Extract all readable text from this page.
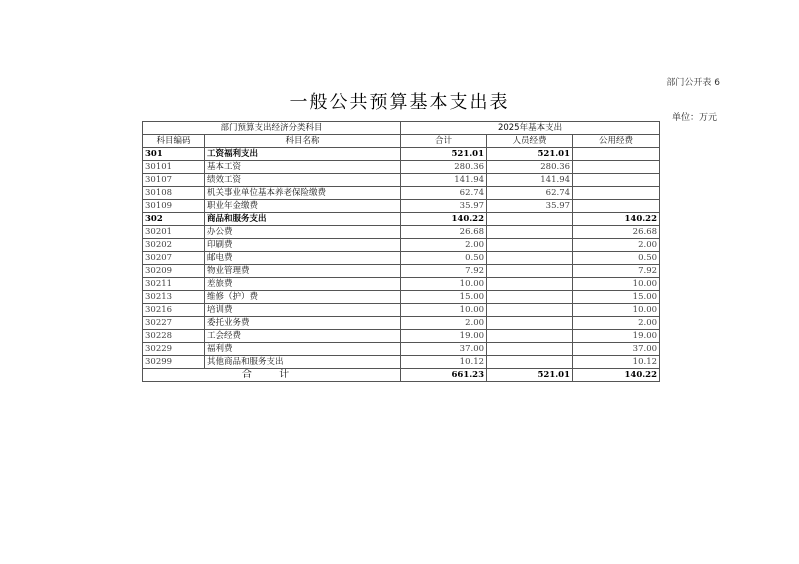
部门公开表 6
一般公共预算基本支出表
单位：万元
部门预算支出经济分类科目		2025年基本支出		
科目编码	科目名称	合计	人员经费	公用经费
301	工资福利支出	521.01	521.01	
30101	基本工资	280.36	280.36	
30107	绩效工资	141.94	141.94	
30108	机关事业单位基本养老保险缴费	62.74	62.74	
30109	职业年金缴费	35.97	35.97	
302	商品和服务支出	140.22		140.22
30201	办公费	26.68		26.68
30202	印刷费	2.00		2.00
30207	邮电费	0.50		0.50
30209	物业管理费	7.92		7.92
30211	差旅费	10.00		10.00
30213	维修（护）费	15.00		15.00
30216	培训费	10.00		10.00
30227	委托业务费	2.00		2.00
30228	工会经费	19.00		19.00
30229	福利费	37.00		37.00
30299	其他商品和服务支出	10.12		10.12
合 计		661.23	521.01	140.22
